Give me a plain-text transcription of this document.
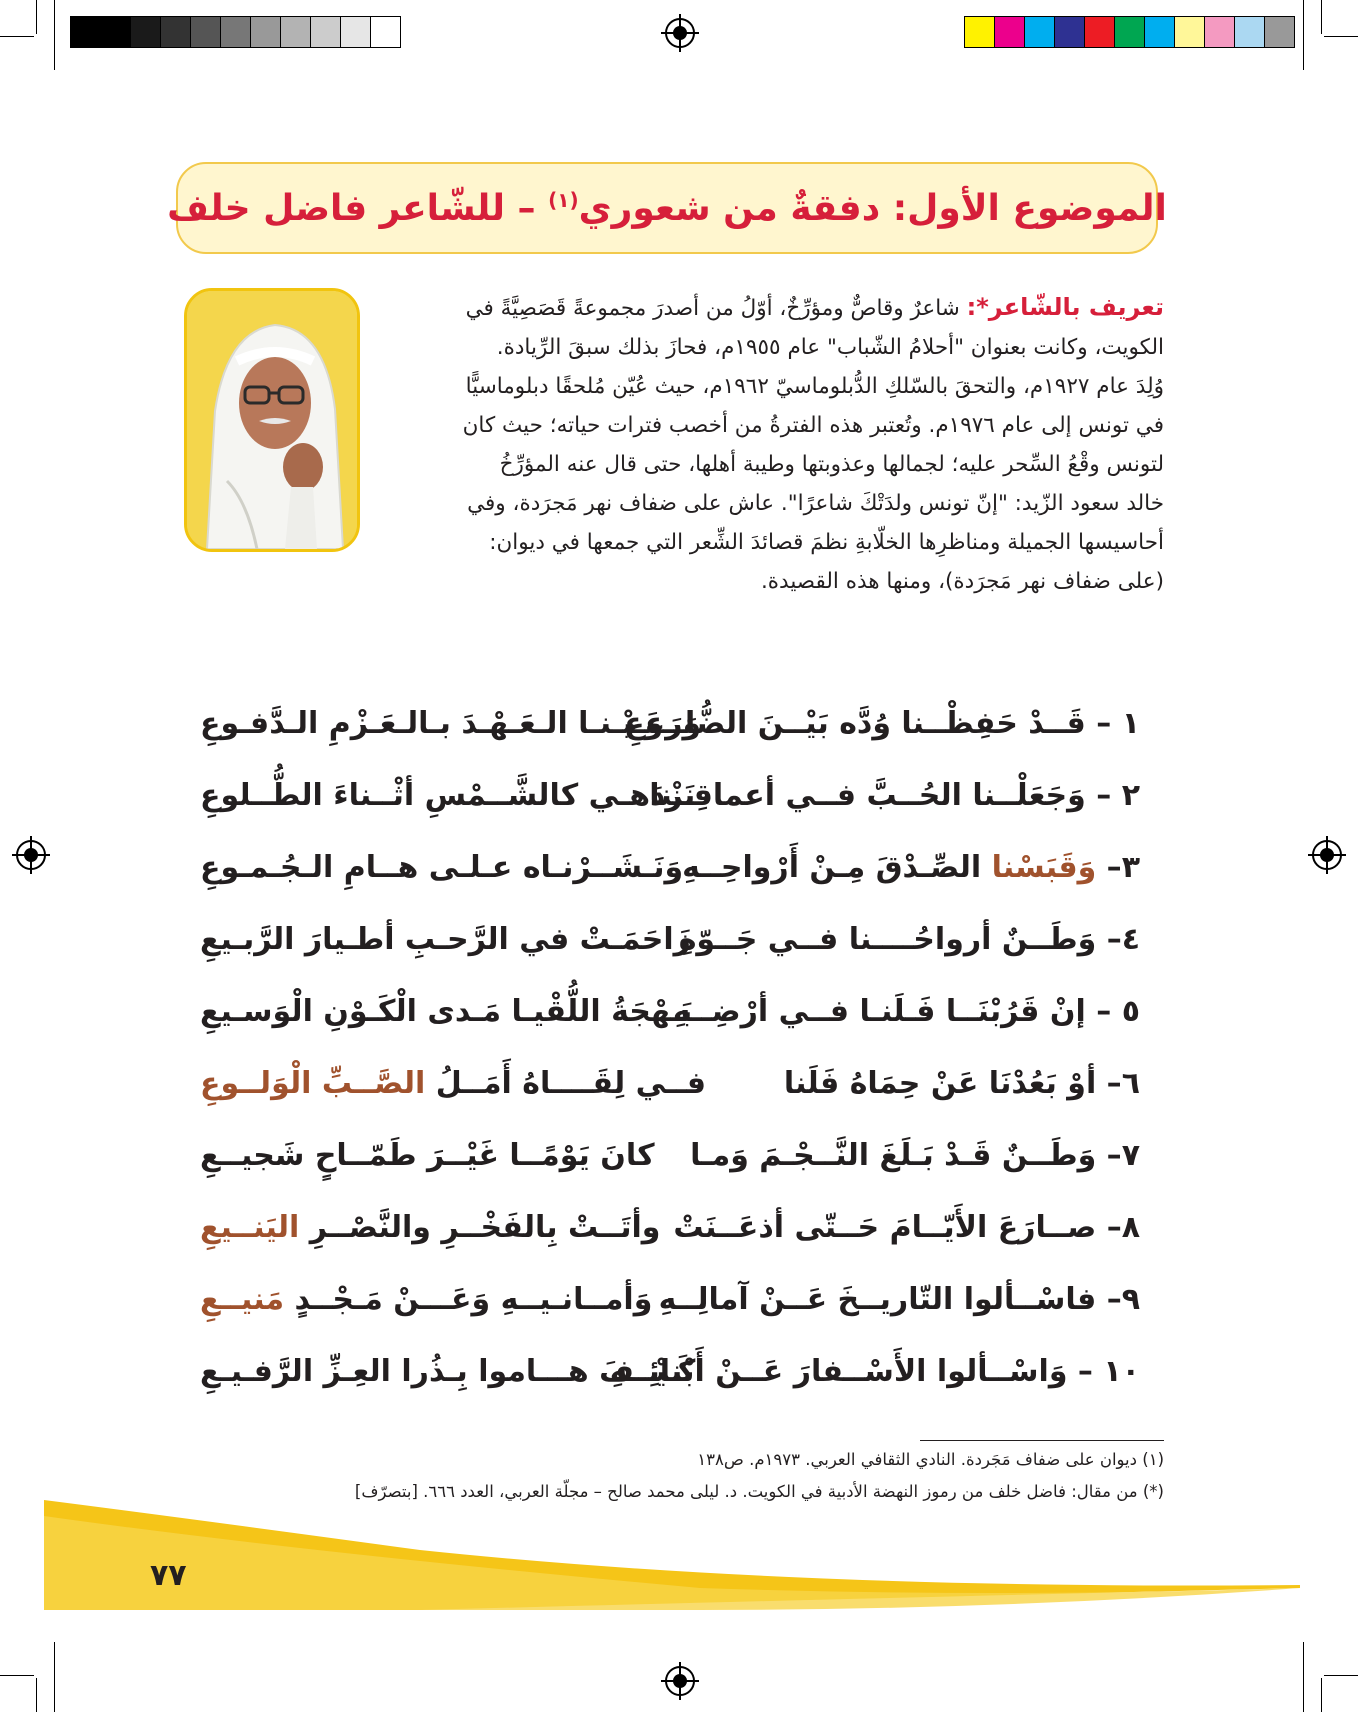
الموضوع الأول: دفقةٌ من شعوري$^{(١)}$ – للشّاعر فاضل خلف
تعريف بالشّاعر*: شاعرٌ وقاصٌّ ومؤرِّخٌ، أوّلُ من أصدرَ مجموعةً قَصَصِيَّةً في
الكويت، وكانت بعنوان "أحلامُ الشّباب" عام ١٩٥٥م، فحازَ بذلك سبقَ الرِّيادة.
وُلِدَ عام ١٩٢٧م، والتحقَ بالسّلكِ الدُّبلوماسيّ ١٩٦٢م، حيث عُيّن مُلحقًا دبلوماسيًّا
في تونس إلى عام ١٩٧٦م. وتُعتبر هذه الفترةُ من أخصب فترات حياته؛ حيث كان
لتونس وقْعُ السِّحر عليه؛ لجمالها وعذوبتها وطيبة أهلها، حتى قال عنه المؤرِّخُ
خالد سعود الزّيد: "إنّ تونس ولدَتْكَ شاعرًا". عاش على ضفاف نهر مَجرَدة، وفي
أحاسيسها الجميلة ومناظرِها الخلّابةِ نظمَ قصائدَ الشِّعر التي جمعها في ديوان:
(على ضفاف نهر مَجرَدة)، ومنها هذه القصيدة.
١ – قَــدْ حَفِظْــنا وُدَّه بَيْــنَ الضُّلــوعِ
وَرَعَـيْـنـا الـعَـهْـدَ بـالـعَـزْمِ الـدَّفـوعِ
٢ – وَجَعَلْــنا الحُــبَّ فــي أعماقِــنا
نَزْدَهـي كالشَّــمْسِ أثْــناءَ الطُّــلوعِ
٣– وَقَبَسْنا الصِّـدْقَ مِـنْ أَرْواحِــهِ
وَنَـشَــرْنـاه عـلـى هــامِ الـجُـمـوعِ
٤– وَطَــنٌ أرواحُــــنا فــي جَــوّهِ
زَاحَمَـتْ في الرَّحـبِ أطـيارَ الرَّبـيعِ
٥ – إنْ قَرُبْنَــا فَـلَنـا فــي أرْضِــهِ
بَـهْجَةُ اللُّقْيـا مَـدى الْكَـوْنِ الْوَسـيعِ
٦– أوْ بَعُدْنَا عَنْ حِمَاهُ فَلَنا
فــي لِقَــــاهُ أَمَــلُ الصَّــبِّ الْوَلــوعِ
٧– وَطَــنٌ قَـدْ بَـلَغَ النَّــجْـمَ وَمـا
كانَ يَوْمًــا غَيْــرَ طَمّــاحٍ شَجيــعِ
٨– صــارَعَ الأَيّــامَ حَــتّى أذعَــنَتْ
وأتَــتْ بِالفَخْــرِ والنَّصْــرِ اليَنــيعِ
٩– فاسْــألوا التّاريــخَ عَــنْ آمالِــهِ
وَأمــانـيــهِ وَعَـــنْ مَـجْــدٍ مَنيــعِ
١٠ – وَاسْــألوا الأَسْــفارَ عَــنْ أَبْنائِــهِ
كَـيْــفَ هـــاموا بِـذُرا العِـزِّ الرَّفـيـعِ
(١) ديوان على ضفاف مَجَردة. النادي الثقافي العربي. ١٩٧٣م. ص١٣٨
(*) من مقال: فاضل خلف من رموز النهضة الأدبية في الكويت. د. ليلى محمد صالح – مجلّة العربي، العدد ٦٦٦. [بتصرّف]
٧٧
